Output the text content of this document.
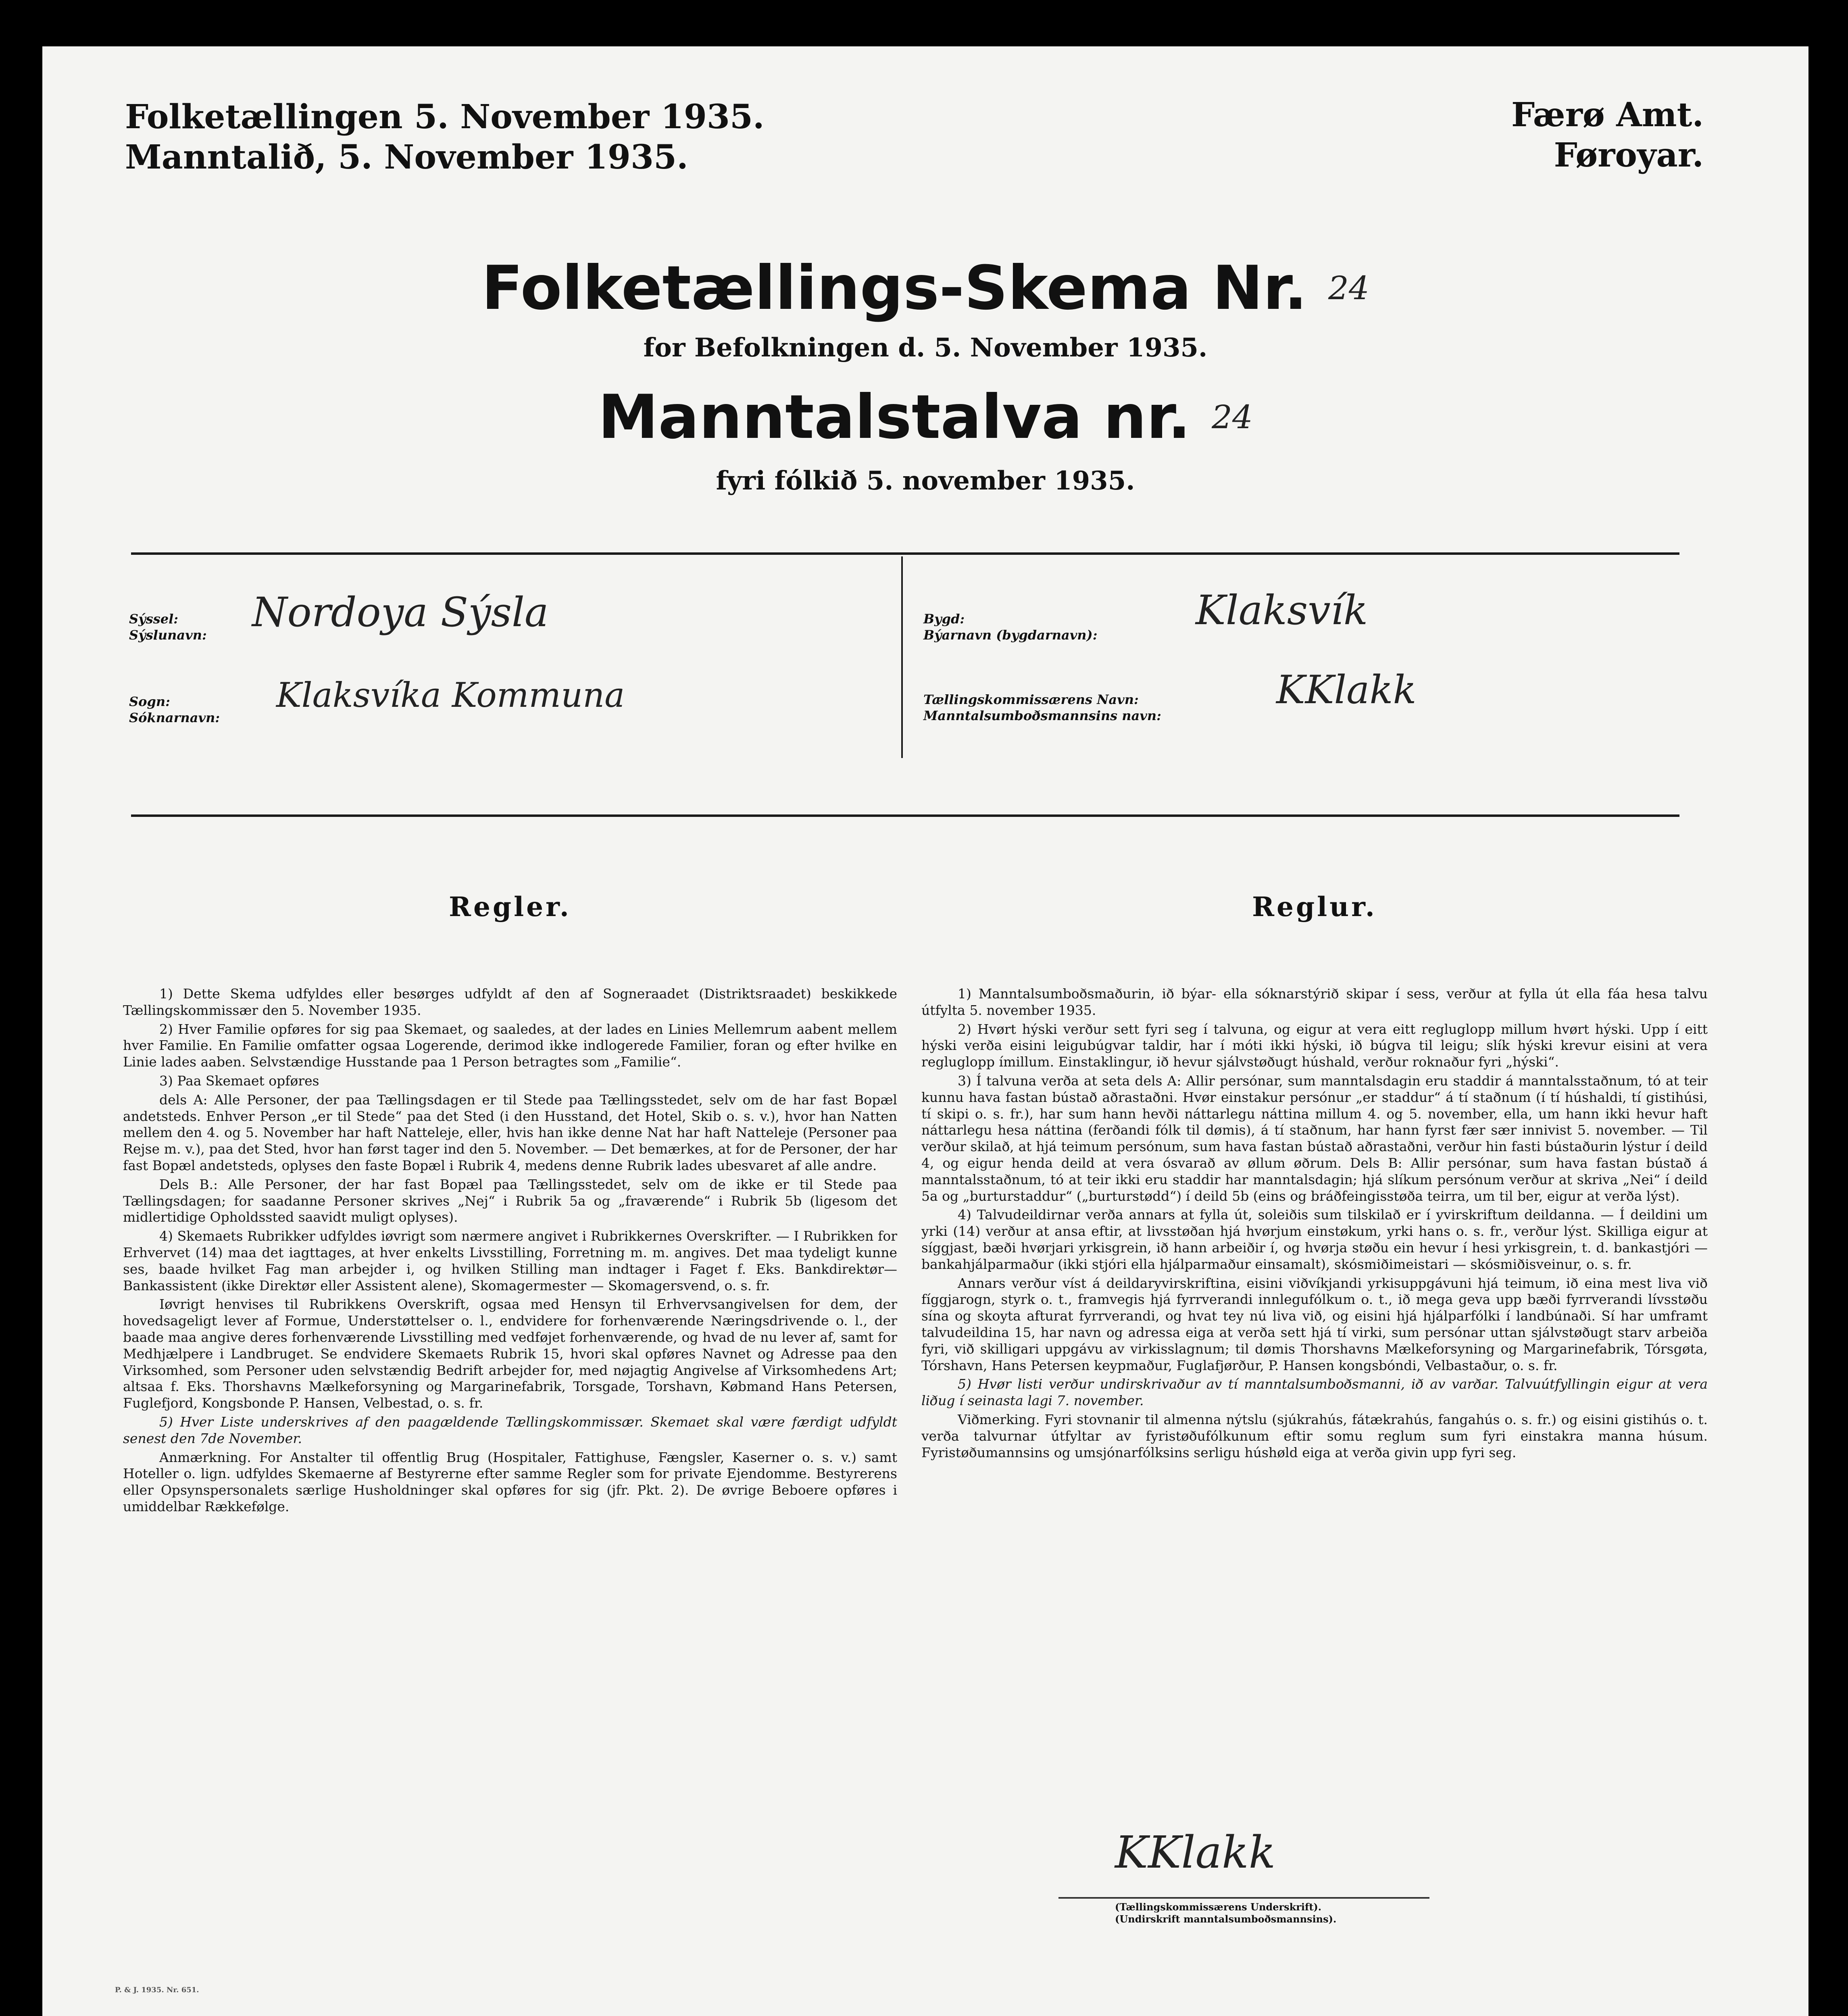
Folketællingen 5. November 1935.
Manntalið, 5. November 1935.
Færø Amt.
Føroyar.
Folketællings-Skema Nr. $^{24}$
for Befolkningen d. 5. November 1935.
Manntalstalva nr. $^{24}$
fyri fólkið 5. november 1935.
Sýssel:
Sýslunavn: Nordoya Sýsla
Sogn:
Sóknarnavn:
Klaksvíka Kommuna
Bygd:
Býarnavn (bygdarnavn):
Klaksvík
Tællingskommissærens Navn:
Manntalsumboðsmannsins navn:
KKlakk
Regler.	Reglur.

1) Dette Skema udfyldes eller besørges udfyldt af den af Sogneraadet (Distriktsraadet) beskikkede Tællingskommissær den 5. November 1935.

2) Hver Familie opføres for sig paa Skemaet, og saaledes, at der lades en Linies Mellemrum aabent mellem hver Familie. En Familie omfatter ogsaa Logerende, derimod ikke indlogerede Familier, foran og efter hvilke en Linie lades aaben. Selvstændige Husstande paa 1 Person betragtes som „Familie“.

3) Paa Skemaet opføres

dels A: Alle Personer, der paa Tællingsdagen er til Stede paa Tællingsstedet, selv om de har fast Bopæl andetsteds. Enhver Person „er til Stede“ paa det Sted (i den Husstand, det Hotel, Skib o. s. v.), hvor han Natten mellem den 4. og 5. November har haft Natteleje, eller, hvis han ikke denne Nat har haft Natteleje (Personer paa Rejse m. v.), paa det Sted, hvor han først tager ind den 5. November. — Det bemærkes, at for de Personer, der har fast Bopæl andetsteds, oplyses den faste Bopæl i Rubrik 4, medens denne Rubrik lades ubesvaret af alle andre.

Dels B.: Alle Personer, der har fast Bopæl paa Tællingsstedet, selv om de ikke er til Stede paa Tællingsdagen; for saadanne Personer skrives „Nej“ i Rubrik 5a og „fraværende“ i Rubrik 5b (ligesom det midlertidige Opholdssted saavidt muligt oplyses).

4) Skemaets Rubrikker udfyldes iøvrigt som nærmere angivet i Rubrikkernes Overskrifter. — I Rubrikken for Erhvervet (14) maa det iagttages, at hver enkelts Livsstilling, Forretning m. m. angives. Det maa tydeligt kunne ses, baade hvilket Fag man arbejder i, og hvilken Stilling man indtager i Faget f. Eks. Bankdirektør—Bankassistent (ikke Direktør eller Assistent alene), Skomagermester — Skomagersvend, o. s. fr.

Iøvrigt henvises til Rubrikkens Overskrift, ogsaa med Hensyn til Erhvervsangivelsen for dem, der hovedsageligt lever af Formue, Understøttelser o. l., endvidere for forhenværende Næringsdrivende o. l., der baade maa angive deres forhenværende Livsstilling med vedføjet forhenværende, og hvad de nu lever af, samt for Medhjælpere i Landbruget. Se endvidere Skemaets Rubrik 15, hvori skal opføres Navnet og Adresse paa den Virksomhed, som Personer uden selvstændig Bedrift arbejder for, med nøjagtig Angivelse af Virksomhedens Art; altsaa f. Eks. Thorshavns Mælkeforsyning og Margarinefabrik, Torsgade, Torshavn, Købmand Hans Petersen, Fuglefjord, Kongsbonde P. Hansen, Velbestad, o. s. fr.

5) Hver Liste underskrives af den paagældende Tællingskommissær. Skemaet skal være færdigt udfyldt senest den 7de November.

Anmærkning. For Anstalter til offentlig Brug (Hospitaler, Fattighuse, Fængsler, Kaserner o. s. v.) samt Hoteller o. lign. udfyldes Skemaerne af Bestyrerne efter samme Regler som for private Ejendomme. Bestyrerens eller Opsynspersonalets særlige Husholdninger skal opføres for sig (jfr. Pkt. 2). De øvrige Beboere opføres i umiddelbar Rækkefølge.

1) Manntalsumboðsmaðurin, ið býar- ella sóknarstýrið skipar í sess, verður at fylla út ella fáa hesa talvu útfylta 5. november 1935.

2) Hvørt hýski verður sett fyri seg í talvuna, og eigur at vera eitt regluglopp millum hvørt hýski. Upp í eitt hýski verða eisini leigubúgvar taldir, har í móti ikki hýski, ið búgva til leigu; slík hýski krevur eisini at vera regluglopp ímillum. Einstaklingur, ið hevur sjálvstøðugt húshald, verður roknaður fyri „hýski“.

3) Í talvuna verða at seta dels A: Allir persónar, sum manntalsdagin eru staddir á manntalsstaðnum, tó at teir kunnu hava fastan bústað aðrastaðni. Hvør einstakur persónur „er staddur“ á tí staðnum (í tí húshaldi, tí gistihúsi, tí skipi o. s. fr.), har sum hann hevði náttarlegu náttina millum 4. og 5. november, ella, um hann ikki hevur haft náttarlegu hesa náttina (ferðandi fólk til dømis), á tí staðnum, har hann fyrst fær sær innivist 5. november. — Til verður skilað, at hjá teimum persónum, sum hava fastan bústað aðrastaðni, verður hin fasti bústaðurin lýstur í deild 4, og eigur henda deild at vera ósvarað av øllum øðrum. Dels B: Allir persónar, sum hava fastan bústað á manntalsstaðnum, tó at teir ikki eru staddir har manntalsdagin; hjá slíkum persónum verður at skriva „Nei“ í deild 5a og „burturstaddur“ („burturstødd“) í deild 5b (eins og bráðfeingisstøða teirra, um til ber, eigur at verða lýst).

4) Talvudeildirnar verða annars at fylla út, soleiðis sum tilskilað er í yvirskriftum deildanna. — Í deildini um yrki (14) verður at ansa eftir, at livsstøðan hjá hvørjum einstøkum, yrki hans o. s. fr., verður lýst. Skilliga eigur at síggjast, bæði hvørjari yrkisgrein, ið hann arbeiðir í, og hvørja støðu ein hevur í hesi yrkisgrein, t. d. bankastjóri — bankahjálparmaður (ikki stjóri ella hjálparmaður einsamalt), skósmiðimeistari — skósmiðisveinur, o. s. fr.

Annars verður víst á deildaryvirskriftina, eisini viðvíkjandi yrkisuppgávuni hjá teimum, ið eina mest liva við fíggjarogn, styrk o. t., framvegis hjá fyrrverandi innlegufólkum o. t., ið mega geva upp bæði fyrrverandi lívsstøðu sína og skoyta afturat fyrrverandi, og hvat tey nú liva við, og eisini hjá hjálparfólki í landbúnaði. Sí har umframt talvudeildina 15, har navn og adressa eiga at verða sett hjá tí virki, sum persónar uttan sjálvstøðugt starv arbeiða fyri, við skilligari uppgávu av virkisslagnum; til dømis Thorshavns Mælkeforsyning og Margarinefabrik, Tórsgøta, Tórshavn, Hans Petersen keypmaður, Fuglafjørður, P. Hansen kongsbóndi, Velbastaður, o. s. fr.

5) Hvør listi verður undirskrivaður av tí manntalsumboðsmanni, ið av varðar. Talvuútfyllingin eigur at vera liðug í seinasta lagi 7. november.

Viðmerking. Fyri stovnanir til almenna nýtslu (sjúkrahús, fátækrahús, fangahús o. s. fr.) og eisini gistihús o. t. verða talvurnar útfyltar av fyristøðufólkunum eftir somu reglum sum fyri einstakra manna húsum. Fyristøðumannsins og umsjónarfólksins serligu húshøld eiga at verða givin upp fyri seg.

KKlakk
(Tællingskommissærens Underskrift).
(Undirskrift manntalsumboðsmannsins).
P. & J. 1935. Nr. 651.
